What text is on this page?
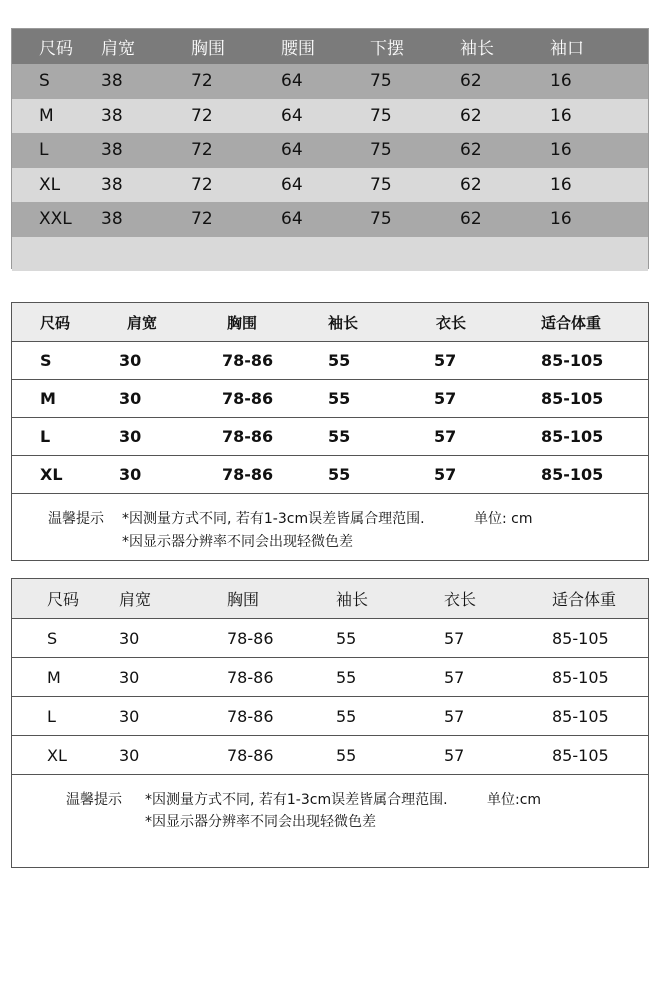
尺码	肩宽	胸围	腰围	下摆	袖长	袖口
S	38	72	64	75	62	16
M	38	72	64	75	62	16
L	38	72	64	75	62	16
XL	38	72	64	75	62	16
XXL	38	72	64	75	62	16
尺码	肩宽	胸围	袖长	衣长	适合体重
S	30	78-86	55	57	85-105
M	30	78-86	55	57	85-105
L	30	78-86	55	57	85-105
XL	30	78-86	55	57	85-105
温馨提示 *因测量方式不同, 若有1-3cm误差皆属合理范围.	单位: cm
*因显示器分辨率不同会出现轻微色差
尺码	肩宽	胸围	袖长	衣长	适合体重
S	30	78-86	55	57	85-105
M	30	78-86	55	57	85-105
L	30	78-86	55	57	85-105
XL	30	78-86	55	57	85-105
温馨提示 *因测量方式不同, 若有1-3cm误差皆属合理范围.	单位:cm
*因显示器分辨率不同会出现轻微色差
